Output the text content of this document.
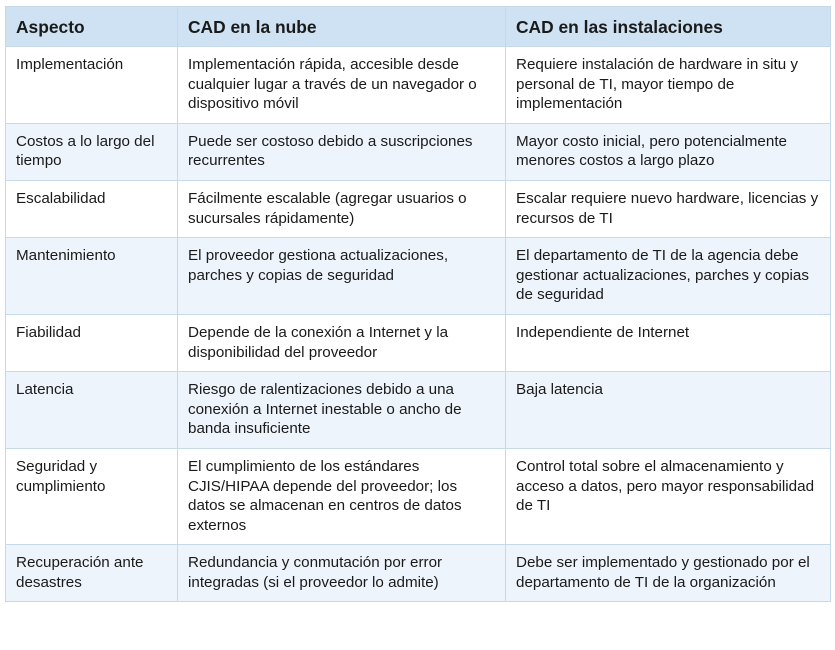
Aspecto	CAD en la nube	CAD en las instalaciones
Implementación	Implementación rápida, accesible desde cualquier lugar a través de un navegador o dispositivo móvil	Requiere instalación de hardware in situ y personal de TI, mayor tiempo de implementación
Costos a lo largo del tiempo	Puede ser costoso debido a suscripciones recurrentes	Mayor costo inicial, pero potencialmente menores costos a largo plazo
Escalabilidad	Fácilmente escalable (agregar usuarios o sucursales rápidamente)	Escalar requiere nuevo hardware, licencias y recursos de TI
Mantenimiento	El proveedor gestiona actualizaciones, parches y copias de seguridad	El departamento de TI de la agencia debe gestionar actualizaciones, parches y copias de seguridad
Fiabilidad	Depende de la conexión a Internet y la disponibilidad del proveedor	Independiente de Internet
Latencia	Riesgo de ralentizaciones debido a una conexión a Internet inestable o ancho de banda insuficiente	Baja latencia
Seguridad y cumplimiento	El cumplimiento de los estándares CJIS/HIPAA depende del proveedor; los datos se almacenan en centros de datos externos	Control total sobre el almacenamiento y acceso a datos, pero mayor responsabilidad de TI
Recuperación ante desastres	Redundancia y conmutación por error integradas (si el proveedor lo admite)	Debe ser implementado y gestionado por el departamento de TI de la organización
